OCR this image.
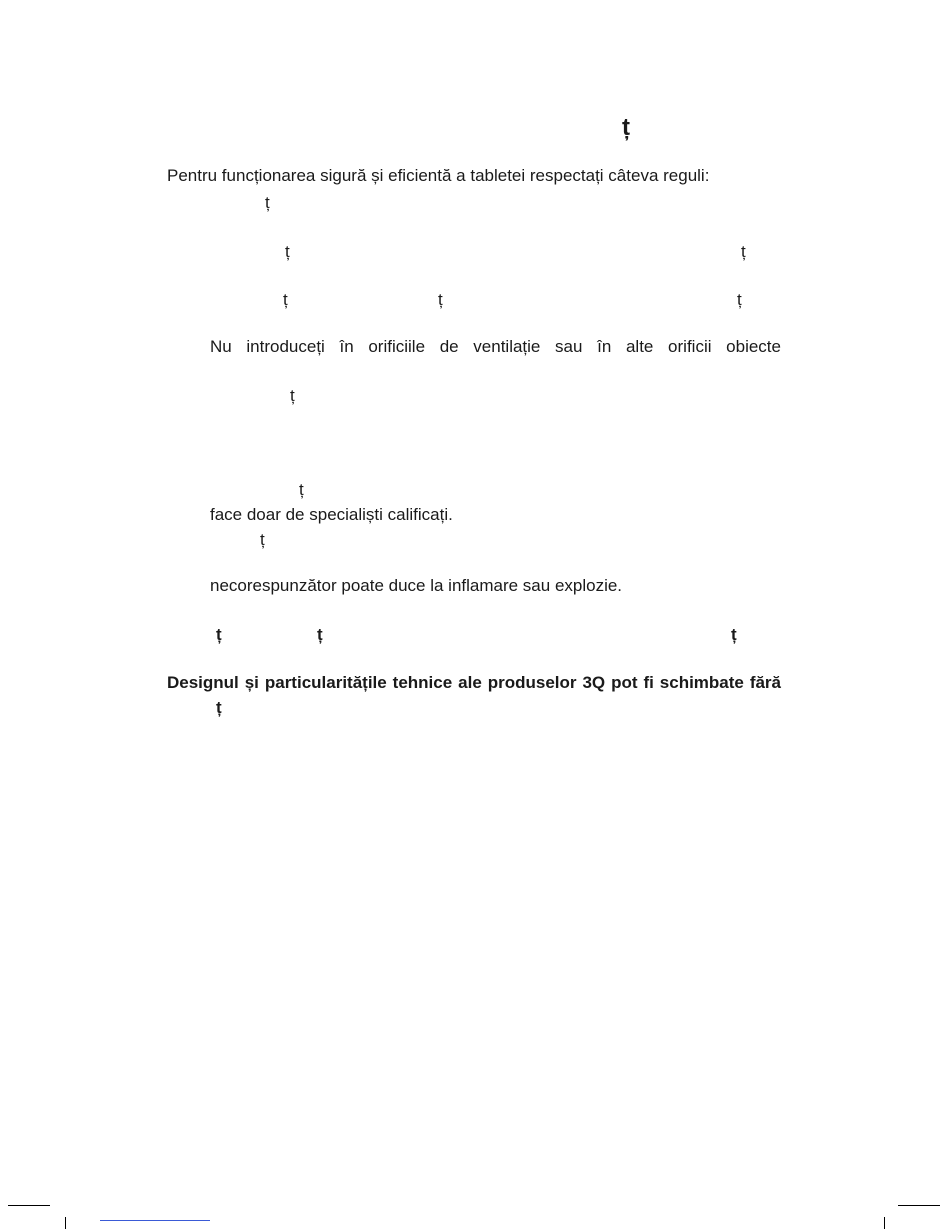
ț
Pentru funcționarea sigură și eficientă a tabletei respectați câteva reguli:
ț
ț	ț
ț	ț	ț
Nu introduceți în orificiile de ventilație sau în alte orificii obiecte
ț
ț
face doar de specialiști calificați.
ț
necorespunzător poate duce la inflamare sau explozie.
ț	ț	ț
Designul și particularitățile tehnice ale produselor 3Q pot fi schimbate fără
ț
